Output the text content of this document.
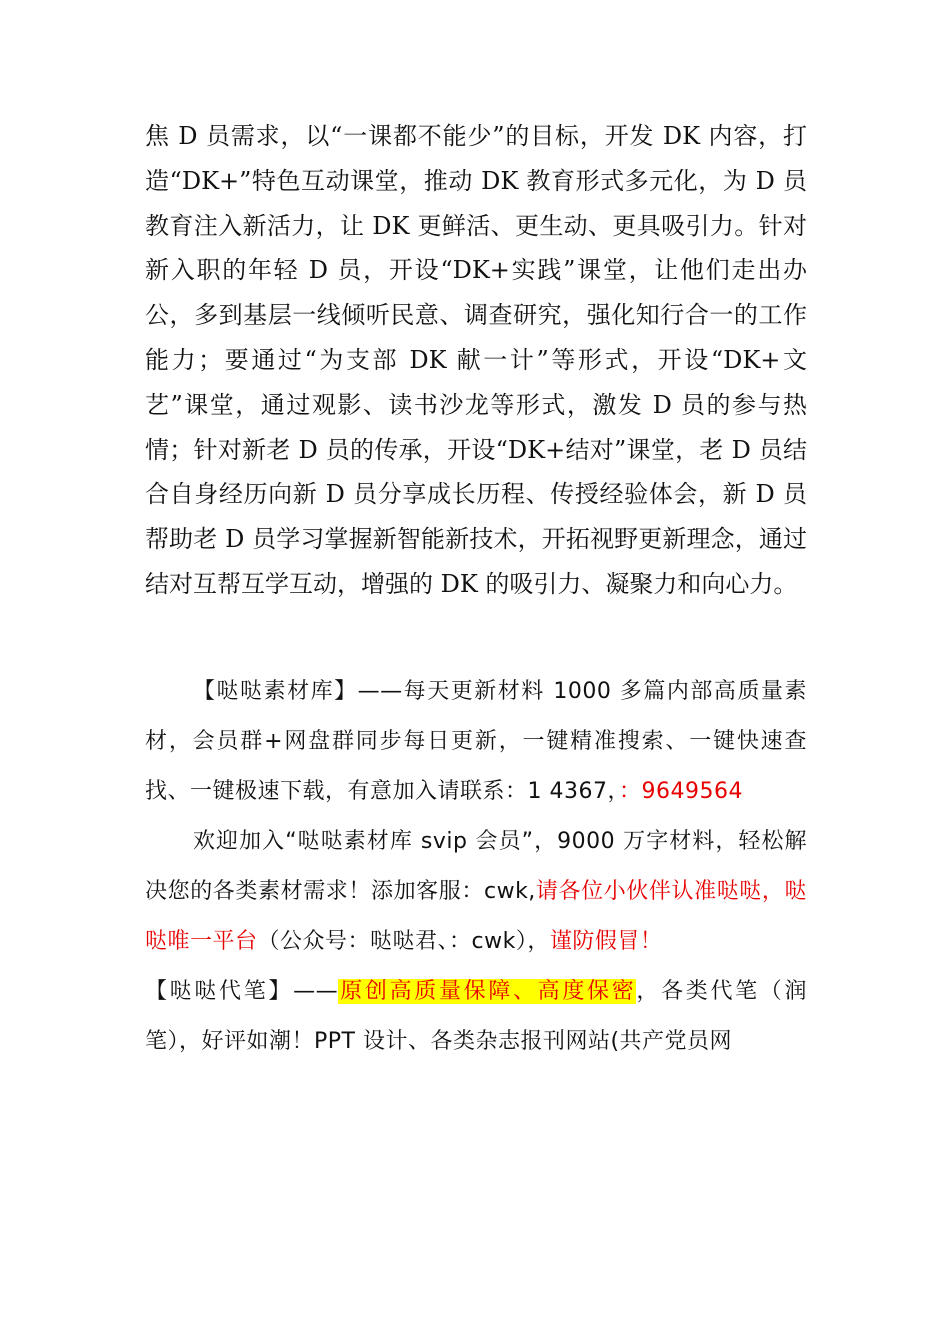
焦 D 员需求，以“一课都不能少”的目标，开发 DK 内容，打造“DK+”特色互动课堂，推动 DK 教育形式多元化，为 D 员教育注入新活力，让 DK 更鲜活、更生动、更具吸引力。针对新入职的年轻 D 员，开设“DK+实践”课堂，让他们走出办公，多到基层一线倾听民意、调查研究，强化知行合一的工作能力；要通过“为支部 DK 献一计”等形式，开设“DK+文艺”课堂，通过观影、读书沙龙等形式，激发 D 员的参与热情；针对新老 D 员的传承，开设“DK+结对”课堂，老 D 员结合自身经历向新 D 员分享成长历程、传授经验体会，新 D 员帮助老 D 员学习掌握新智能新技术，开拓视野更新理念，通过结对互帮互学互动，增强的 DK 的吸引力、凝聚力和向心力。

【哒哒素材库】——每天更新材料 1000 多篇内部高质量素材，会员群+网盘群同步每日更新，一键精准搜索、一键快速查找、一键极速下载，有意加入请联系：1 4367，：9649564

欢迎加入“哒哒素材库 svip 会员”，9000 万字材料，轻松解决您的各类素材需求！添加客服：cwk,请各位小伙伴认准哒哒，哒哒唯一平台（公众号：哒哒君、：cwk），谨防假冒！

【哒哒代笔】——原创高质量保障、高度保密，各类代笔（润笔），好评如潮！PPT 设计、各类杂志报刊网站(共产党员网
